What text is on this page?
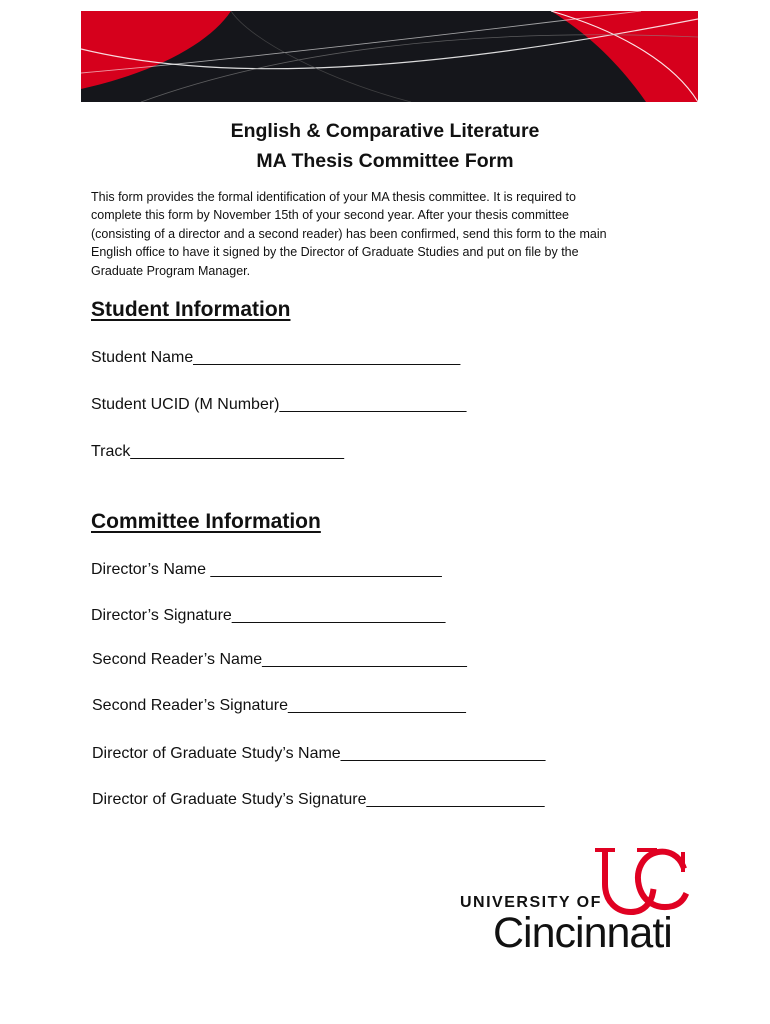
English & Comparative Literature
MA Thesis Committee Form
This form provides the formal identification of your MA thesis committee. It is required to
complete this form by November 15th of your second year. After your thesis committee
(consisting of a director and a second reader) has been confirmed, send this form to the main
English office to have it signed by the Director of Graduate Studies and put on file by the
Graduate Program Manager.
Student Information
Student Name______________________________
Student UCID (M Number)_____________________
Track________________________
Committee Information
Director’s Name __________________________
Director’s Signature________________________
Second Reader’s Name_______________________
Second Reader’s Signature____________________
Director of Graduate Study’s Name_______________________
Director of Graduate Study’s Signature____________________
UNIVERSITY OF
Cincinnati
